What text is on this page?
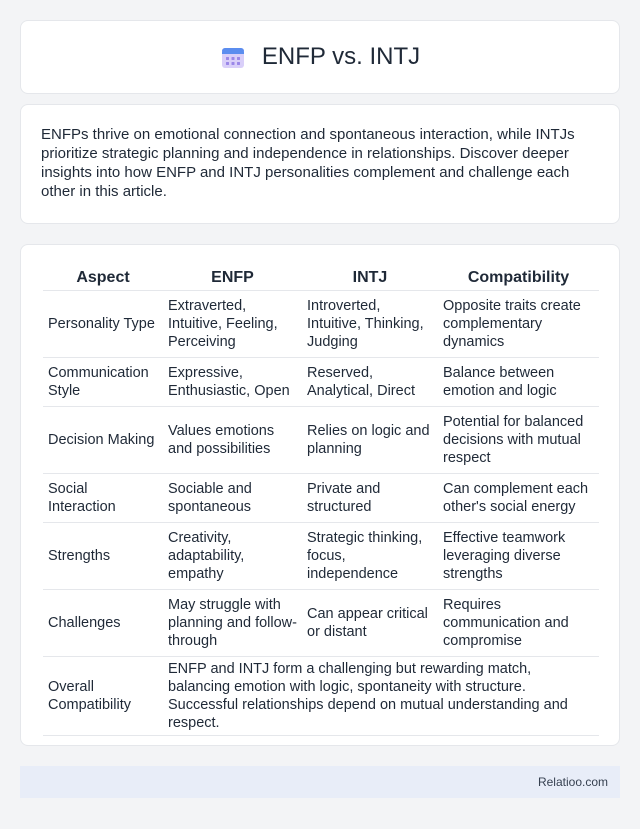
ENFP vs. INTJ

ENFPs thrive on emotional connection and spontaneous interaction, while INTJs prioritize strategic planning and independence in relationships. Discover deeper insights into how ENFP and INTJ personalities complement and challenge each other in this article.

Aspect	ENFP	INTJ	Compatibility
Personality Type	Extraverted, Intuitive, Feeling, Perceiving	Introverted, Intuitive, Thinking, Judging	Opposite traits create complementary dynamics
Communication Style	Expressive, Enthusiastic, Open	Reserved, Analytical, Direct	Balance between emotion and logic
Decision Making	Values emotions and possibilities	Relies on logic and planning	Potential for balanced decisions with mutual respect
Social Interaction	Sociable and spontaneous	Private and structured	Can complement each other's social energy
Strengths	Creativity, adaptability, empathy	Strategic thinking, focus, independence	Effective teamwork leveraging diverse strengths
Challenges	May struggle with planning and follow-through	Can appear critical or distant	Requires communication and compromise
Overall Compatibility	ENFP and INTJ form a challenging but rewarding match, balancing emotion with logic, spontaneity with structure. Successful relationships depend on mutual understanding and respect.		
Relatioo.com
